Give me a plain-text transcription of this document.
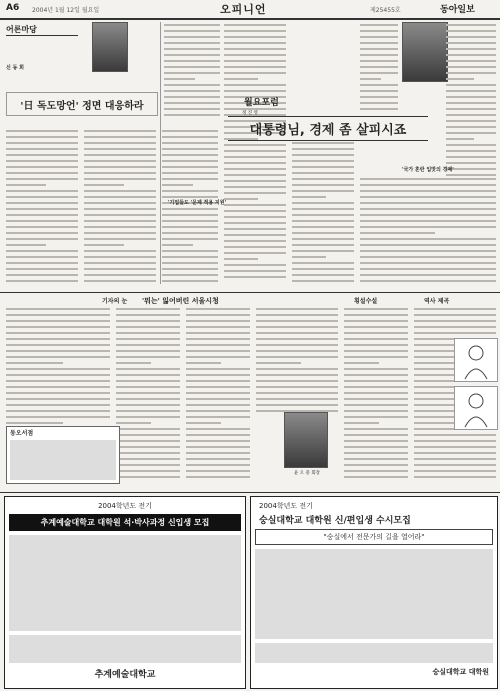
A6 2004년 1월 12일 월요일	오피니언	제25455호	동아일보
어론마당
신 동 희
'日 독도망언' 정면 대응하라	월요포럼
정 진 영
대통령님, 경제 좀 살피시죠
'국가 혼란 입맛의 경제'
'기업들도 '문제 적용 지원'
기자의 눈 '뭐는' 잃어버린 서울시청	횡설수설	역사 제곡
동오서점
윤 오 중 회장
2004학년도 전기
추계예술대학교 대학원 석·박사과정 신입생 모집
추계예술대학교
2004학년도 전기
숭실대학교 대학원 신/편입생 수시모집
"숭실에서 전문가의 길을 열어라"
숭실대학교 대학원
